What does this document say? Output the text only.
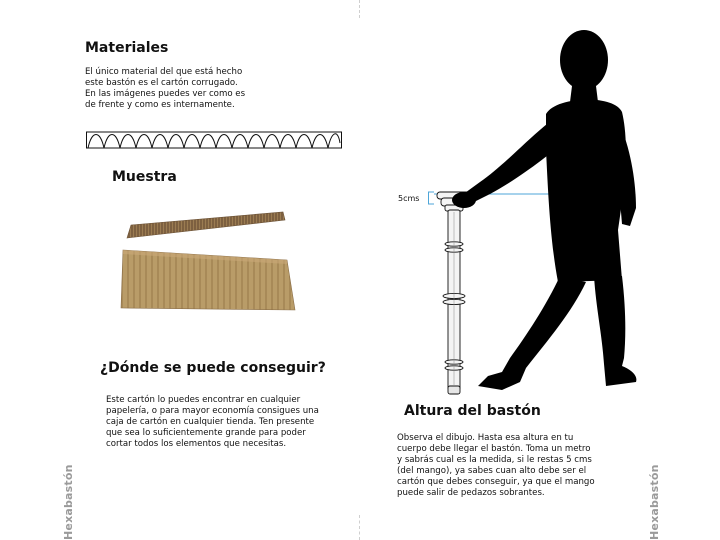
Materiales

El único material del que está hecho
este bastón es el cartón corrugado.
En las imágenes puedes ver como es
de frente y como es internamente.

Muestra
¿Dónde se puede conseguir?

Este cartón lo puedes encontrar en cualquier
papelería, o para mayor economía consigues una
caja de cartón en cualquier tienda. Ten presente
que sea lo suficientemente grande para poder
cortar todos los elementos que necesitas.

Hexabastón
5cms
Altura del bastón

Observa el dibujo. Hasta esa altura en tu
cuerpo debe llegar el bastón. Toma un metro
y sabrás cual es la medida, si le restas 5 cms
(del mango), ya sabes cuan alto debe ser el
cartón que debes conseguir, ya que el mango
puede salir de pedazos sobrantes.	Hexabastón
